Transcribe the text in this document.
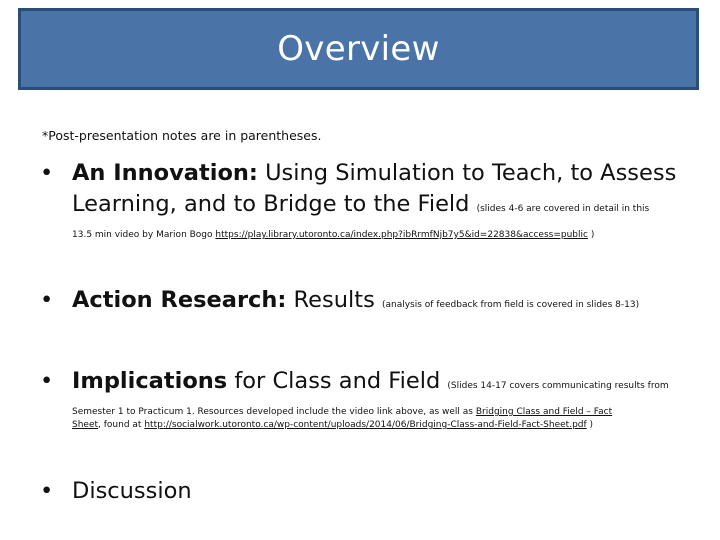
Overview
*Post-presentation notes are in parentheses.
• An Innovation: Using Simulation to Teach, to Assess
Learning, and to Bridge to the Field (slides 4-6 are covered in detail in this
13.5 min video by Marion Bogo https://play.library.utoronto.ca/index.php?ibRrmfNjb7y5&id=22838&access=public )
• Action Research: Results (analysis of feedback from field is covered in slides 8-13)
• Implications for Class and Field (Slides 14-17 covers communicating results from
Semester 1 to Practicum 1. Resources developed include the video link above, as well as Bridging Class and Field – Fact
Sheet, found at http://socialwork.utoronto.ca/wp-content/uploads/2014/06/Bridging-Class-and-Field-Fact-Sheet.pdf )
• Discussion
